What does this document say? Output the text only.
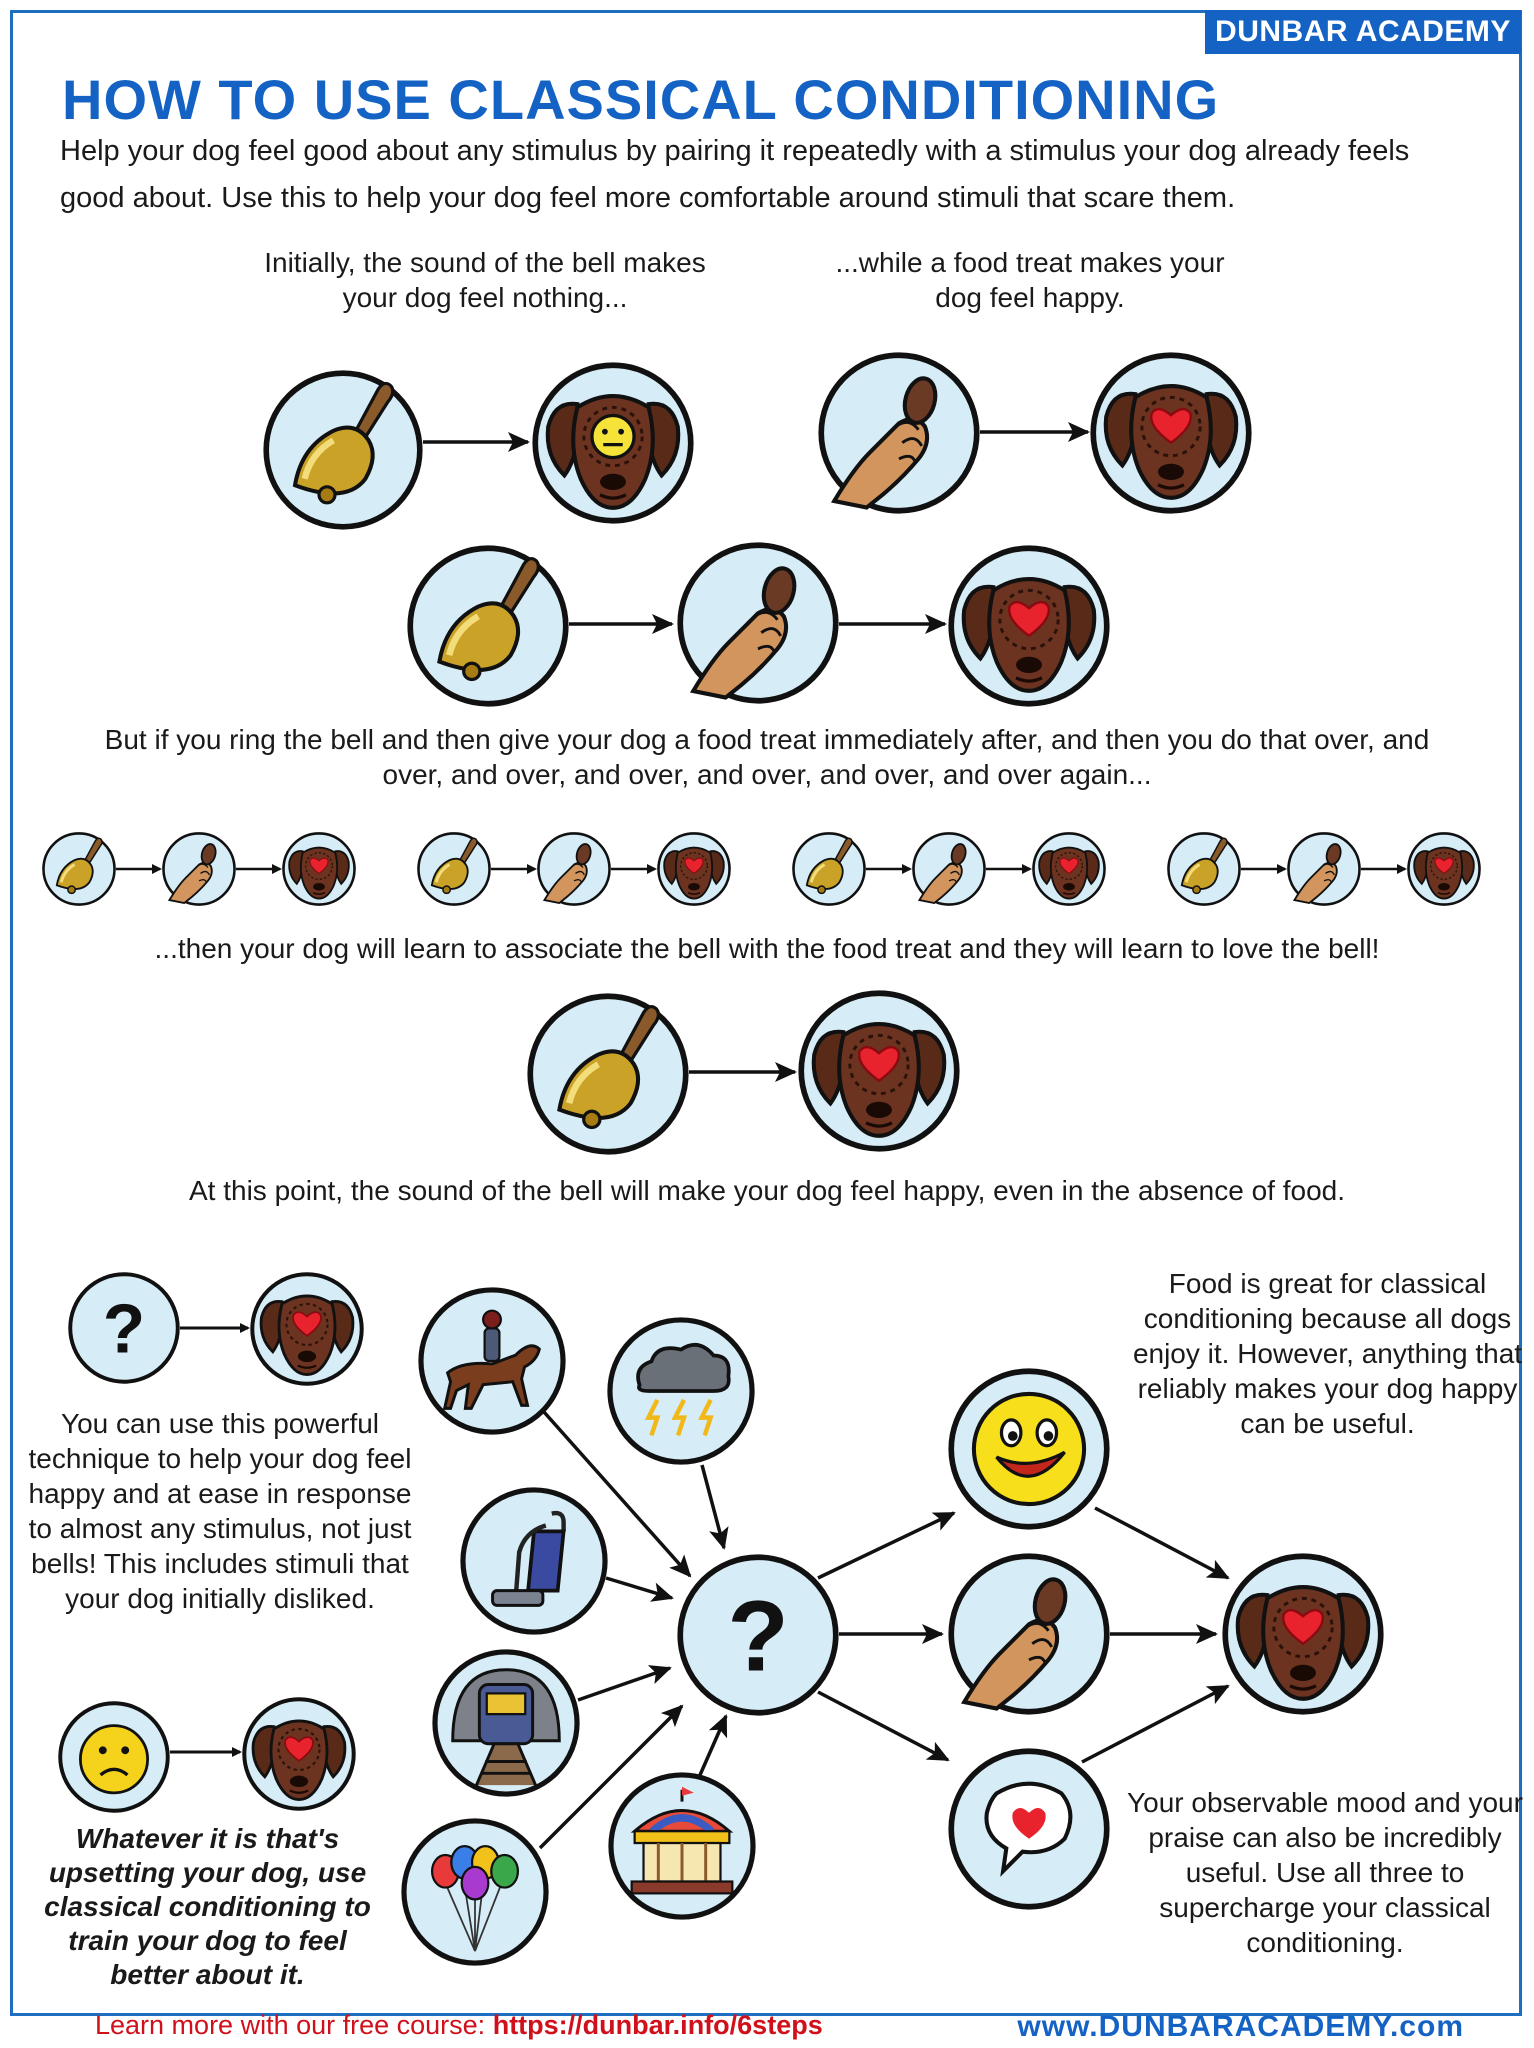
DUNBAR ACADEMY
HOW TO USE CLASSICAL CONDITIONING
Help your dog feel good about any stimulus by pairing it repeatedly with a stimulus your dog already feels good about. Use this to help your dog feel more comfortable around stimuli that scare them.
Initially, the sound of the bell makes your dog feel nothing...
...while a food treat makes your dog feel happy.
But if you ring the bell and then give your dog a food treat immediately after, and then you do that over, and over, and over, and over, and over, and over, and over again...
...then your dog will learn to associate the bell with the food treat and they will learn to love the bell!
At this point, the sound of the bell will make your dog feel happy, even in the absence of food.
You can use this powerful technique to help your dog feel happy and at ease in response to almost any stimulus, not just bells! This includes stimuli that your dog initially disliked.
Whatever it is that's upsetting your dog, use classical conditioning to train your dog to feel better about it.
Food is great for classical conditioning because all dogs enjoy it. However, anything that reliably makes your dog happy can be useful.
Your observable mood and your praise can also be incredibly useful. Use all three to supercharge your classical conditioning.
Learn more with our free course: https://dunbar.info/6steps	www.DUNBARACADEMY.com
